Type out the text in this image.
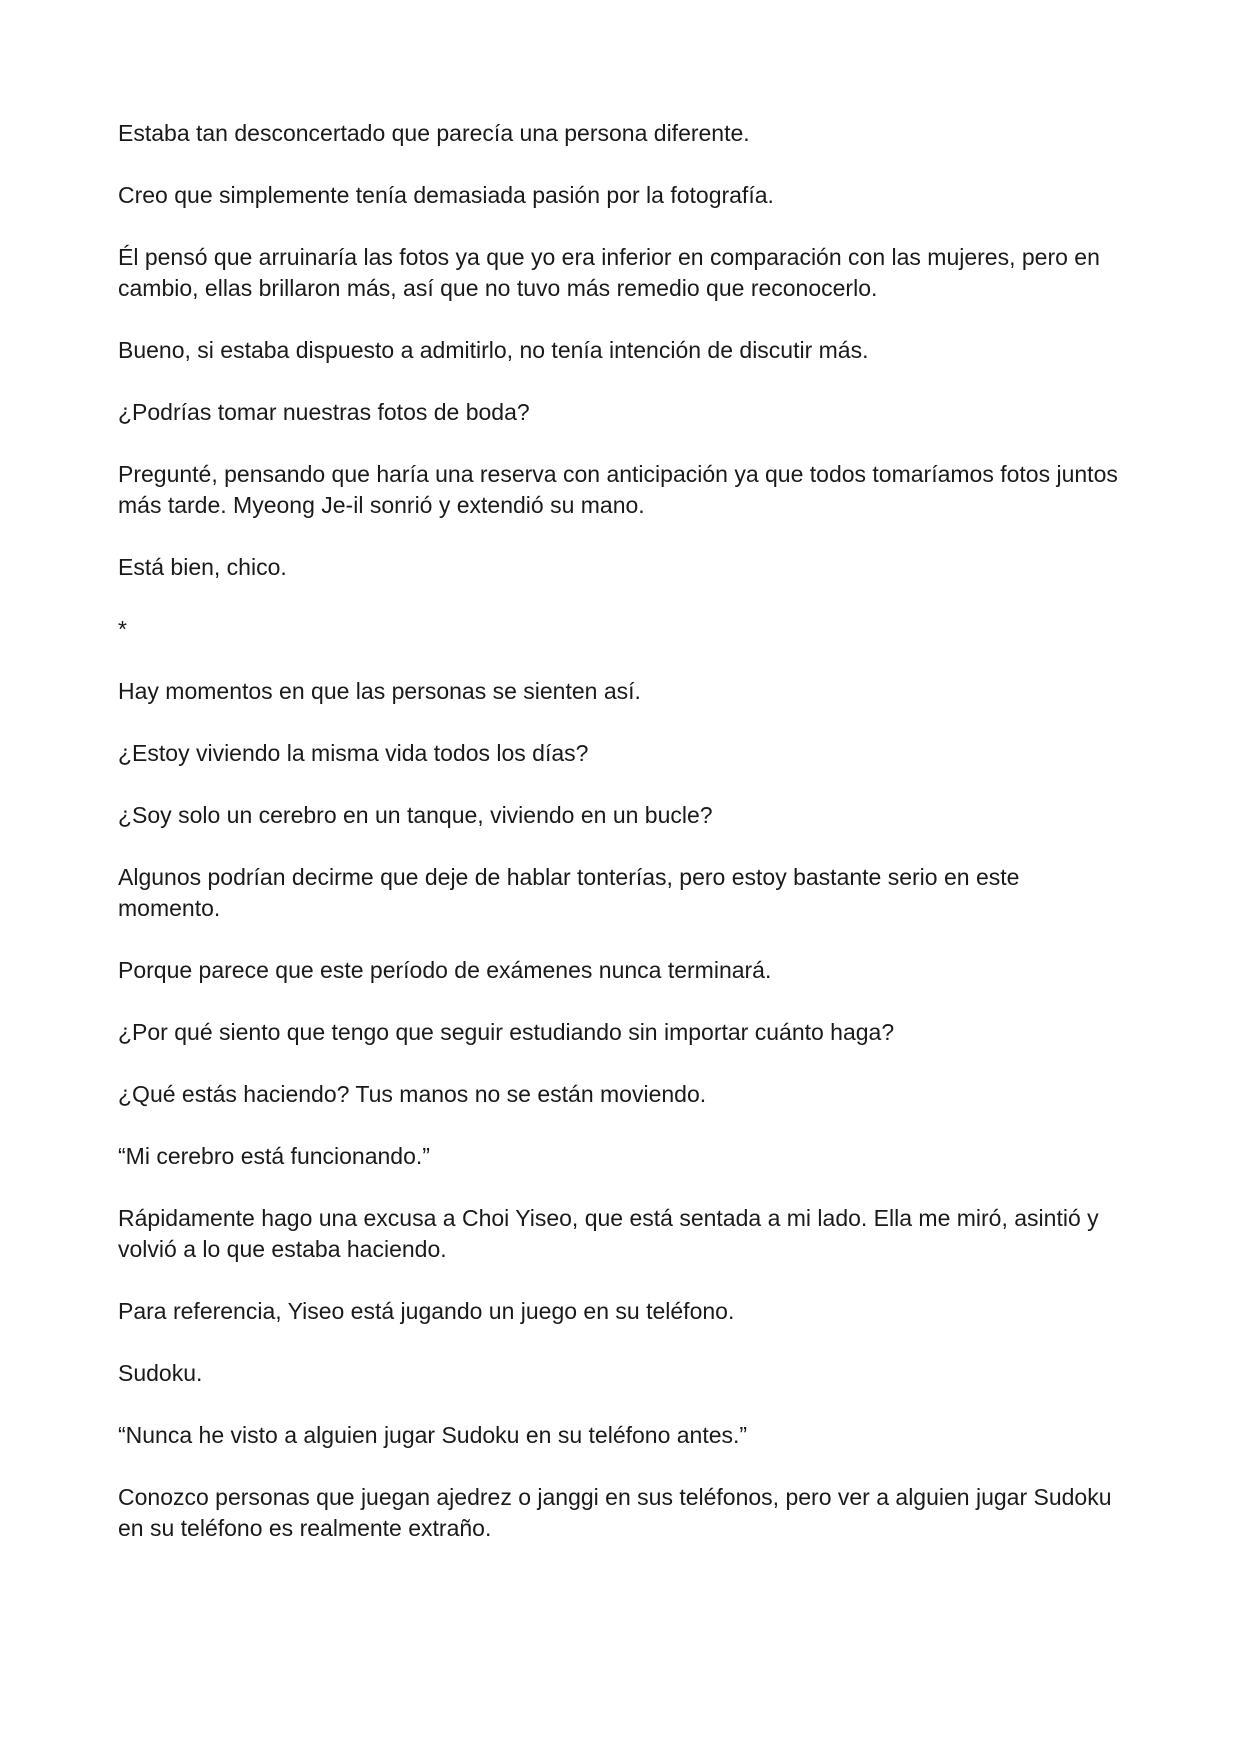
Estaba tan desconcertado que parecía una persona diferente.

Creo que simplemente tenía demasiada pasión por la fotografía.

Él pensó que arruinaría las fotos ya que yo era inferior en comparación con las mujeres, pero en cambio, ellas brillaron más, así que no tuvo más remedio que reconocerlo.

Bueno, si estaba dispuesto a admitirlo, no tenía intención de discutir más.

¿Podrías tomar nuestras fotos de boda?

Pregunté, pensando que haría una reserva con anticipación ya que todos tomaríamos fotos juntos más tarde. Myeong Je-il sonrió y extendió su mano.

Está bien, chico.

*

Hay momentos en que las personas se sienten así.

¿Estoy viviendo la misma vida todos los días?

¿Soy solo un cerebro en un tanque, viviendo en un bucle?

Algunos podrían decirme que deje de hablar tonterías, pero estoy bastante serio en este momento.

Porque parece que este período de exámenes nunca terminará.

¿Por qué siento que tengo que seguir estudiando sin importar cuánto haga?

¿Qué estás haciendo? Tus manos no se están moviendo.

“Mi cerebro está funcionando.”

Rápidamente hago una excusa a Choi Yiseo, que está sentada a mi lado. Ella me miró, asintió y volvió a lo que estaba haciendo.

Para referencia, Yiseo está jugando un juego en su teléfono.

Sudoku.

“Nunca he visto a alguien jugar Sudoku en su teléfono antes.”

Conozco personas que juegan ajedrez o janggi en sus teléfonos, pero ver a alguien jugar Sudoku en su teléfono es realmente extraño.
